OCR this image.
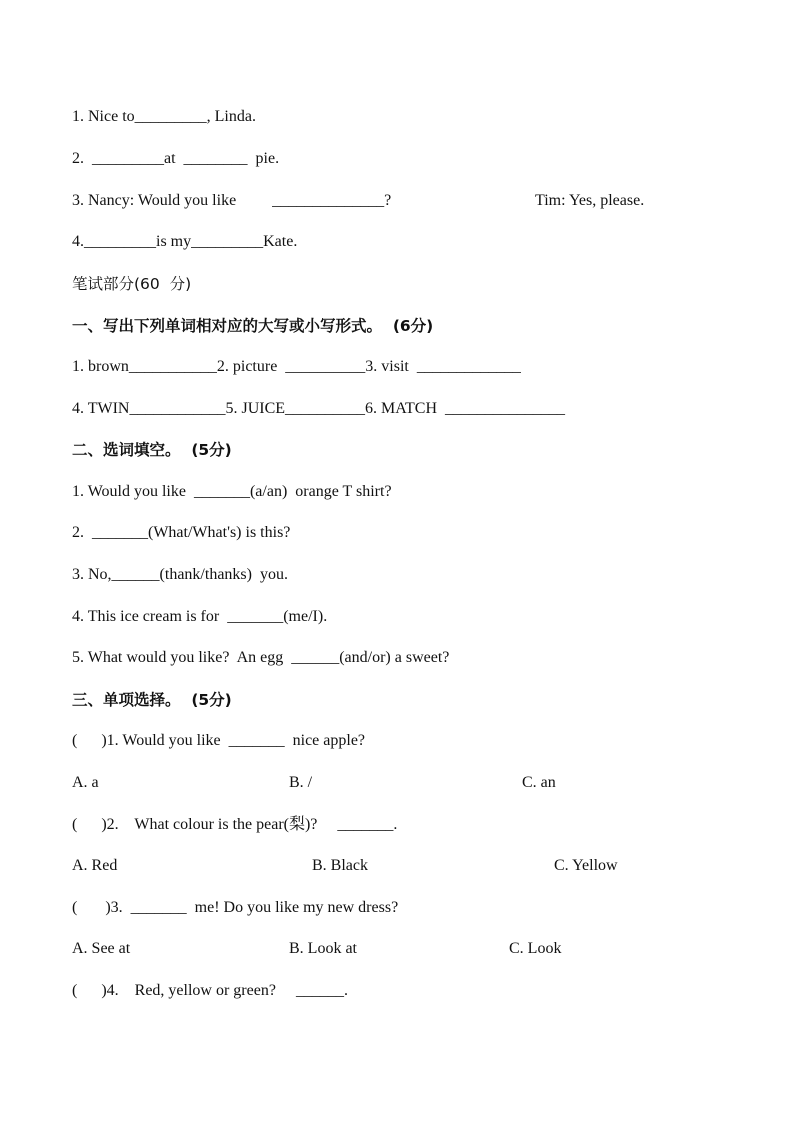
1. Nice to_________, Linda.
2.  _________at  ________  pie.
3. Nancy: Would you like         ______________?	Tim: Yes, please.
4._________is my_________Kate.
笔试部分(60  分)
一、写出下列单词相对应的大写或小写形式。 (6分)
1. brown___________2. picture  __________3. visit  _____________
4. TWIN____________5. JUICE__________6. MATCH  _______________
二、选词填空。 (5分)
1. Would you like  _______(a/an)  orange T shirt?
2.  _______(What/What's) is this?
3. No,______(thank/thanks)  you.
4. This ice cream is for  _______(me/I).
5. What would you like?  An egg  ______(and/or) a sweet?
三、单项选择。 (5分)
(      )1. Would you like  _______  nice apple?
A. a	B. /	C. an
(      )2.    What colour is the pear(梨)?     _______.
A. Red	B. Black	C. Yellow
(       )3.  _______  me! Do you like my new dress?
A. See at	B. Look at	C. Look
(      )4.    Red, yellow or green?     ______.
